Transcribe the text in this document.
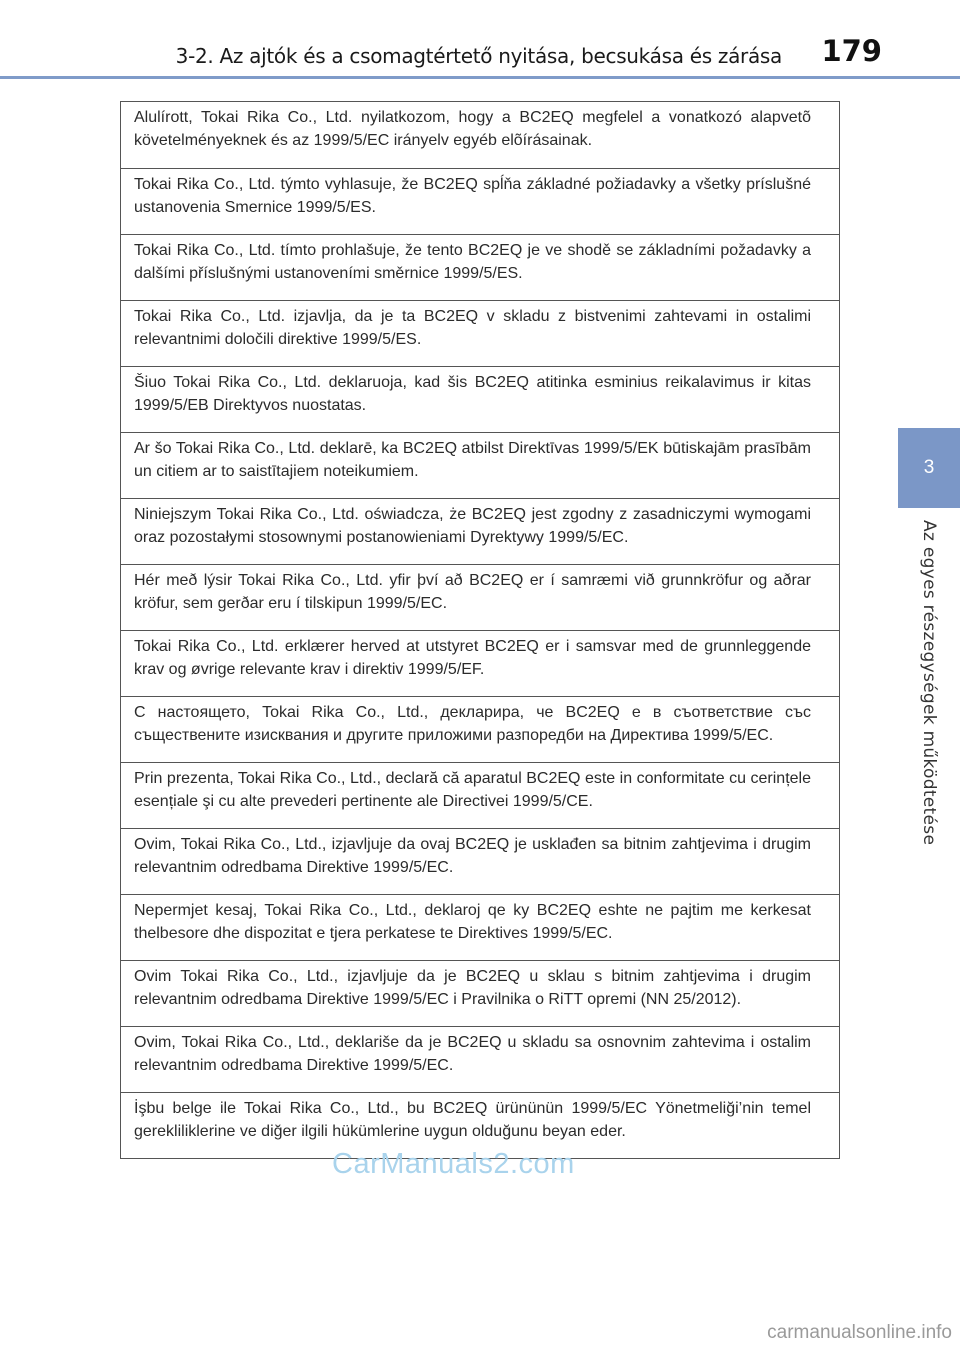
3-2. Az ajtók és a csomagtértető nyitása, becsukása és zárása 179
3
Az egyes részegységek működtetése
Alulírott, Tokai Rika Co., Ltd. nyilatkozom, hogy a BC2EQ megfelel a vonatkozó alapvetõ követelményeknek és az 1999/5/EC irányelv egyéb elõírásainak.
Tokai Rika Co., Ltd. týmto vyhlasuje, že BC2EQ spĺňa základné požiadavky a všetky príslušné ustanovenia Smernice 1999/5/ES.
Tokai Rika Co., Ltd. tímto prohlašuje, že tento BC2EQ je ve shodě se základními požadavky a dalšími příslušnými ustanoveními směrnice 1999/5/ES.
Tokai Rika Co., Ltd. izjavlja, da je ta BC2EQ v skladu z bistvenimi zahtevami in ostalimi relevantnimi določili direktive 1999/5/ES.
Šiuo Tokai Rika Co., Ltd. deklaruoja, kad šis BC2EQ atitinka esminius reikalavimus ir kitas 1999/5/EB Direktyvos nuostatas.
Ar šo Tokai Rika Co., Ltd. deklarē, ka BC2EQ atbilst Direktīvas 1999/5/EK būtiskajām prasībām un citiem ar to saistītajiem noteikumiem.
Niniejszym Tokai Rika Co., Ltd. oświadcza, że BC2EQ jest zgodny z zasadniczymi wymogami oraz pozostałymi stosownymi postanowieniami Dyrektywy 1999/5/EC.
Hér með lýsir Tokai Rika Co., Ltd. yfir því að BC2EQ er í samræmi við grunnkröfur og aðrar kröfur, sem gerðar eru í tilskipun 1999/5/EC.
Tokai Rika Co., Ltd. erklærer herved at utstyret BC2EQ er i samsvar med de grunnleggende krav og øvrige relevante krav i direktiv 1999/5/EF.
С настоящето, Tokai Rika Co., Ltd., декларира, че BC2EQ е в съответствие със съществените изисквания и другите приложими разпоредби на Директива 1999/5/EC.
Prin prezenta, Tokai Rika Co., Ltd., declară că aparatul BC2EQ este in conformitate cu cerințele esențiale şi cu alte prevederi pertinente ale Directivei 1999/5/CE.
Ovim, Tokai Rika Co., Ltd., izjavljuje da ovaj BC2EQ je usklađen sa bitnim zahtjevima i drugim relevantnim odredbama Direktive 1999/5/EC.
Nepermjet kesaj, Tokai Rika Co., Ltd., deklaroj qe ky BC2EQ eshte ne pajtim me kerkesat thelbesore dhe dispozitat e tjera perkatese te Direktives 1999/5/EC.
Ovim Tokai Rika Co., Ltd., izjavljuje da je BC2EQ u sklau s bitnim zahtjevima i drugim relevantnim odredbama Direktive 1999/5/EC i Pravilnika o RiTT opremi (NN 25/2012).
Ovim, Tokai Rika Co., Ltd., deklariše da je BC2EQ u skladu sa osnovnim zahtevima i ostalim relevantnim odredbama Direktive 1999/5/EC.
İşbu belge ile Tokai Rika Co., Ltd., bu BC2EQ ürününün 1999/5/EC Yönetmeliği’nin temel gerekliliklerine ve diğer ilgili hükümlerine uygun olduğunu beyan eder.
CarManuals2.com
carmanualsonline.info
